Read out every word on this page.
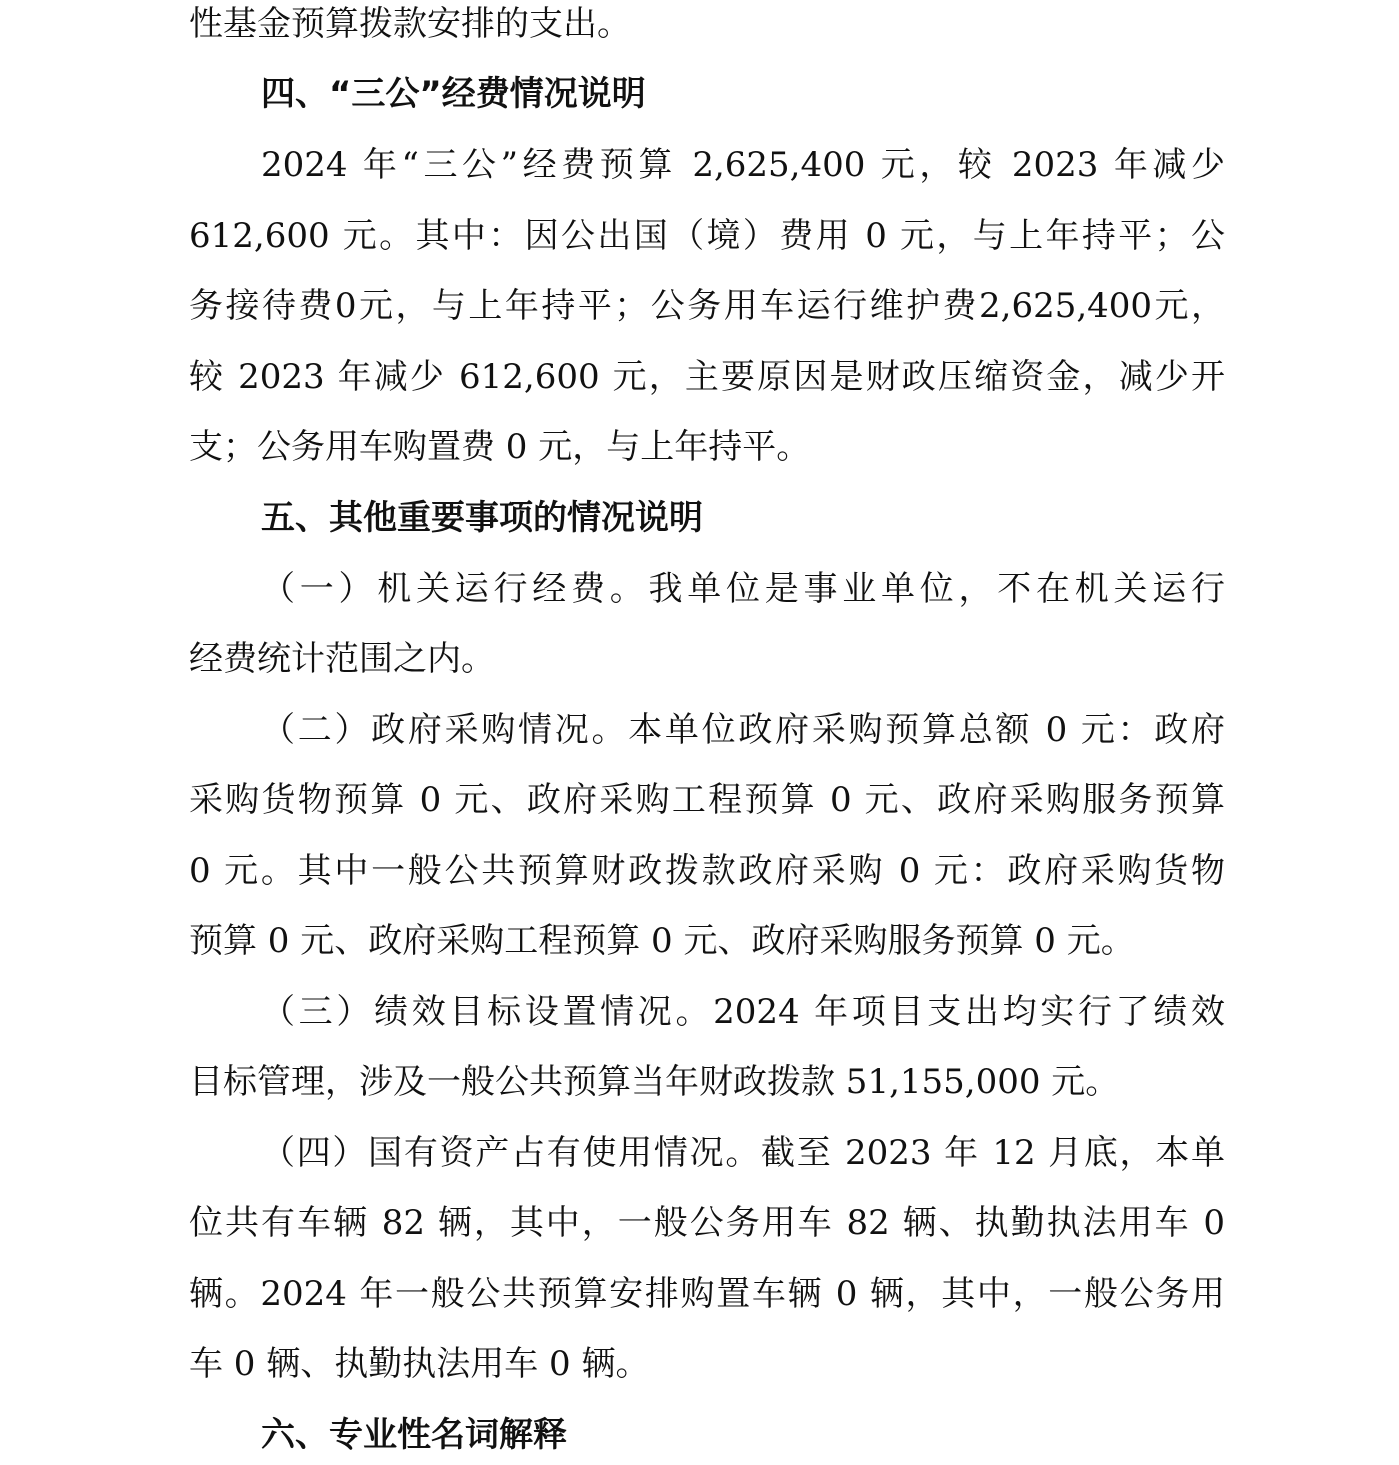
性基金预算拨款安排的支出。
四、“三公”经费情况说明
2024 年“三公”经费预算 2,625,400 元，较 2023 年减少
612,600 元。其中：因公出国（境）费用 0 元，与上年持平；公
务接待费0元，与上年持平；公务用车运行维护费2,625,400元，
较 2023 年减少 612,600 元，主要原因是财政压缩资金，减少开
支；公务用车购置费 0 元，与上年持平。
五、其他重要事项的情况说明
（一）机关运行经费。我单位是事业单位，不在机关运行
经费统计范围之内。
（二）政府采购情况。本单位政府采购预算总额 0 元：政府
采购货物预算 0 元、政府采购工程预算 0 元、政府采购服务预算
0 元。其中一般公共预算财政拨款政府采购 0 元：政府采购货物
预算 0 元、政府采购工程预算 0 元、政府采购服务预算 0 元。
（三）绩效目标设置情况。2024 年项目支出均实行了绩效
目标管理，涉及一般公共预算当年财政拨款 51,155,000 元。
（四）国有资产占有使用情况。截至 2023 年 12 月底，本单
位共有车辆 82 辆，其中，一般公务用车 82 辆、执勤执法用车 0
辆。2024 年一般公共预算安排购置车辆 0 辆，其中，一般公务用
车 0 辆、执勤执法用车 0 辆。
六、专业性名词解释
